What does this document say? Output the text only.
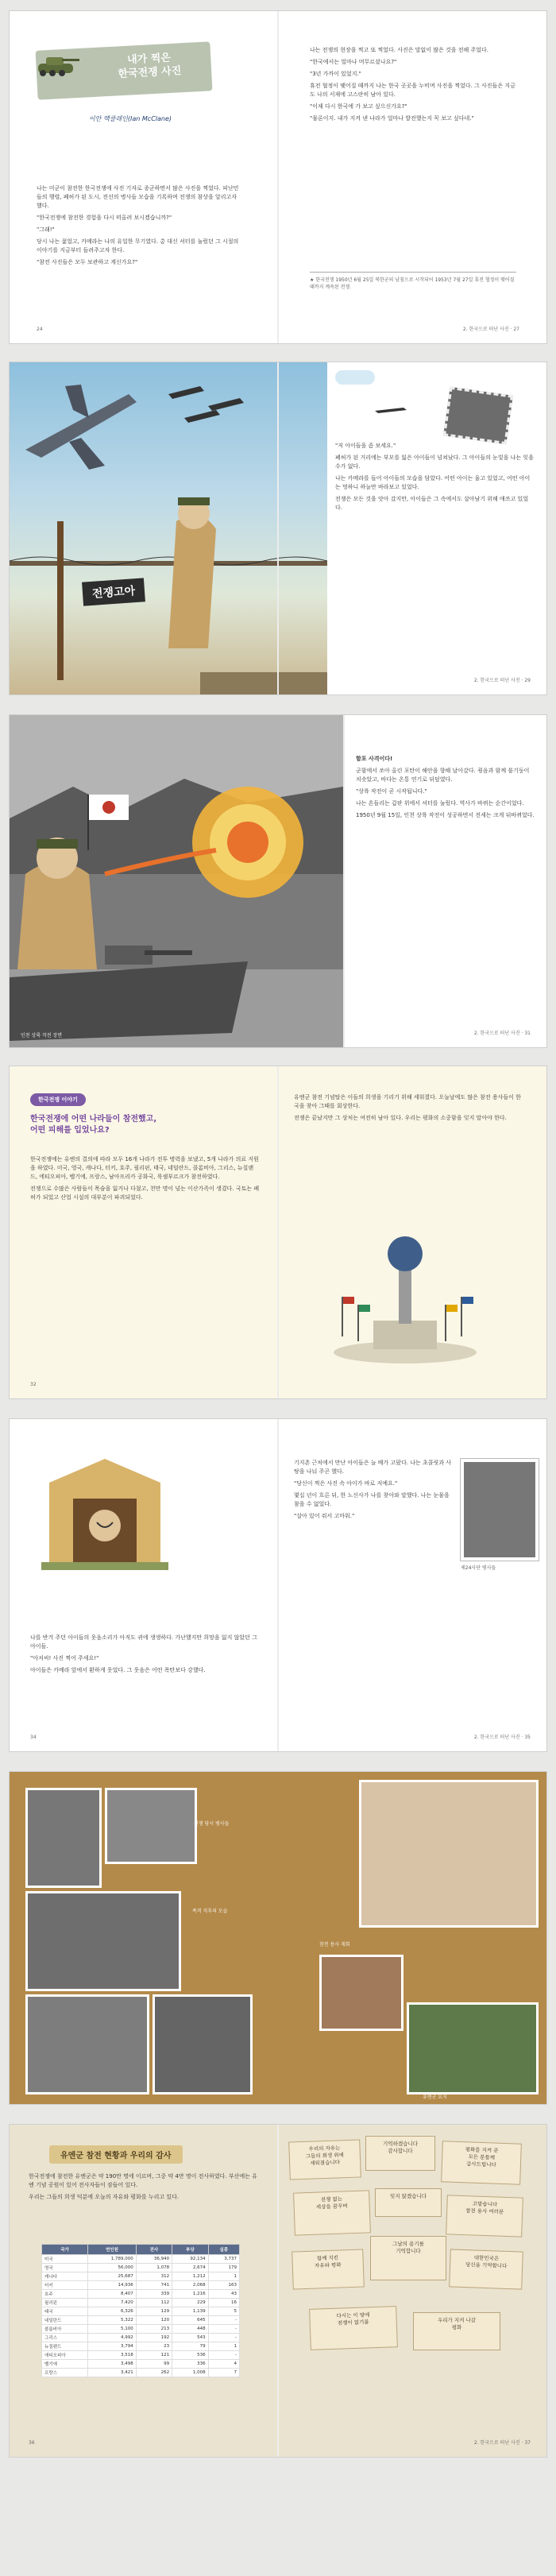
내가 찍은
한국전쟁 사진
이안 맥클레인(Ian McClane)

나는 미군이 참전한 한국전쟁에 사진 기자로 종군하면서 많은 사진을 찍었다. 피난민들의 행렬, 폐허가 된 도시, 전선의 병사들 모습을 기록하며 전쟁의 참상을 알리고자 했다.

"한국전쟁에 참전한 경험을 다시 떠올려 보시겠습니까?"

"그래!"

당시 나는 젊었고, 카메라는 나의 유일한 무기였다. 총 대신 셔터를 눌렀던 그 시절의 이야기를 지금부터 들려주고자 한다.

"참전 사진들은 모두 보관하고 계신가요?"

24

나는 전쟁의 현장을 찍고 또 찍었다. 사진은 말없이 많은 것을 전해 주었다.

"한국에서는 얼마나 머무르셨나요?"

"3년 가까이 있었지."

휴전 협정이 맺어질 때까지 나는 한국 곳곳을 누비며 사진을 찍었다. 그 사진들은 지금도 나의 서재에 고스란히 남아 있다.

"이제 다시 한국에 가 보고 싶으신가요?"

"물론이지. 내가 지켜 낸 나라가 얼마나 발전했는지 꼭 보고 싶다네."

★ 한국전쟁 1950년 6월 25일 북한군의 남침으로 시작되어 1953년 7월 27일 휴전 협정이 맺어질 때까지 계속된 전쟁.
2. 한국으로 떠난 사진 · 27
전쟁고아

"저 아이들을 좀 보세요."

폐허가 된 거리에는 부모를 잃은 아이들이 넘쳐났다. 그 아이들의 눈빛을 나는 잊을 수가 없다.

나는 카메라를 들어 아이들의 모습을 담았다. 어떤 아이는 울고 있었고, 어떤 아이는 멍하니 하늘만 바라보고 있었다.

전쟁은 모든 것을 앗아 갔지만, 아이들은 그 속에서도 살아남기 위해 애쓰고 있었다.

2. 한국으로 떠난 사진 · 29
인천 상륙 작전 장면

함포 사격이다!

군함에서 쏘아 올린 포탄이 해안을 향해 날아갔다. 굉음과 함께 불기둥이 치솟았고, 바다는 온통 연기로 뒤덮였다.

"상륙 작전이 곧 시작됩니다."

나는 흔들리는 갑판 위에서 셔터를 눌렀다. 역사가 바뀌는 순간이었다.

1950년 9월 15일, 인천 상륙 작전이 성공하면서 전세는 크게 뒤바뀌었다.

2. 한국으로 떠난 사진 · 31
한국전쟁 이야기
한국전쟁에 어떤 나라들이 참전했고,
어떤 피해를 입었나요?

한국전쟁에는 유엔의 결의에 따라 모두 16개 나라가 전투 병력을 보냈고, 5개 나라가 의료 지원을 하였다. 미국, 영국, 캐나다, 터키, 호주, 필리핀, 태국, 네덜란드, 콜롬비아, 그리스, 뉴질랜드, 에티오피아, 벨기에, 프랑스, 남아프리카 공화국, 룩셈부르크가 참전하였다.

전쟁으로 수많은 사람들이 목숨을 잃거나 다쳤고, 천만 명이 넘는 이산가족이 생겼다. 국토는 폐허가 되었고 산업 시설의 대부분이 파괴되었다.

32

유엔군 참전 기념탑은 이들의 희생을 기리기 위해 세워졌다. 오늘날에도 많은 참전 용사들이 한국을 찾아 그때를 회상한다.

전쟁은 끝났지만 그 상처는 여전히 남아 있다. 우리는 평화의 소중함을 잊지 말아야 한다.

나를 반겨 주던 아이들의 웃음소리가 아직도 귀에 생생하다. 가난했지만 희망을 잃지 않았던 그 아이들.

"아저씨! 사진 찍어 주세요!"

아이들은 카메라 앞에서 환하게 웃었다. 그 웃음은 어떤 폭탄보다 강했다.

34

기지촌 근처에서 만난 아이들은 늘 배가 고팠다. 나는 초콜릿과 사탕을 나눠 주곤 했다.

"당신이 찍은 사진 속 아이가 바로 저예요."

몇십 년이 흐른 뒤, 한 노신사가 나를 찾아와 말했다. 나는 눈물을 참을 수 없었다.

"살아 있어 줘서 고마워."

제24사단 병사들
2. 한국으로 떠난 사진 · 35
전쟁 당시 병사들
폭격 직후의 모습
참전 용사 재회
유엔군 묘지
유엔군 참전 현황과 우리의 감사

한국전쟁에 참전한 유엔군은 약 190만 명에 이르며, 그중 약 4만 명이 전사하였다. 부산에는 유엔 기념 공원이 있어 전사자들이 잠들어 있다.

우리는 그들의 희생 덕분에 오늘의 자유와 평화를 누리고 있다.

국가	연인원	전사	부상	실종
미국	1,789,000	36,940	92,134	3,737
영국	56,000	1,078	2,674	179
캐나다	25,687	312	1,212	1
터키	14,936	741	2,068	163
호주	8,407	339	1,216	43
필리핀	7,420	112	229	16
태국	6,326	129	1,139	5
네덜란드	5,322	120	645	-
콜롬비아	5,100	213	448	-
그리스	4,992	192	543	-
뉴질랜드	3,794	23	79	1
에티오피아	3,518	121	536	-
벨기에	3,498	99	336	4
프랑스	3,421	262	1,008	7
36
우리의 자유는
그들의 희생 위에
세워졌습니다
기억하겠습니다
감사합니다	평화를 지켜 준
모든 분들께
감사드립니다
전쟁 없는
세상을 꿈꾸며
잊지 않겠습니다
고맙습니다
참전 용사 여러분
함께 지킨
자유와 평화
그날의 용기를
기억합니다
대한민국은
당신을 기억합니다
다시는 이 땅에
전쟁이 없기를	우리가 지켜 나갈
평화
2. 한국으로 떠난 사진 · 37
